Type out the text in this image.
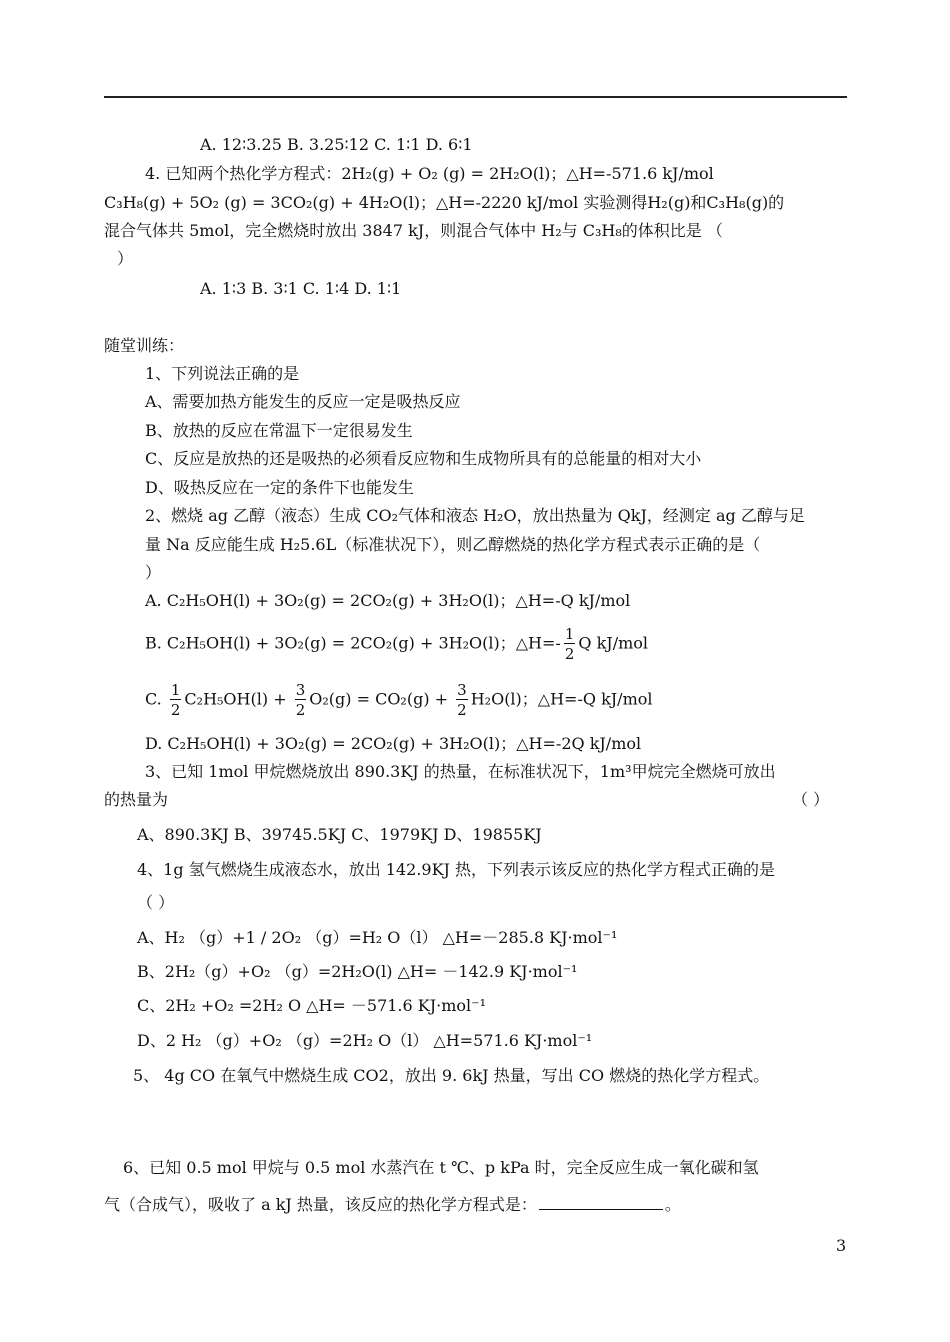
A. 12∶3.25 B. 3.25∶12 C. 1∶1 D. 6∶1
4. 已知两个热化学方程式：2H₂(g) + O₂ (g) = 2H₂O(l)；△H=-571.6 kJ/mol
C₃H₈(g) + 5O₂ (g) = 3CO₂(g) + 4H₂O(l)；△H=-2220 kJ/mol 实验测得H₂(g)和C₃H₈(g)的
混合气体共 5mol，完全燃烧时放出 3847 kJ，则混合气体中 H₂与 C₃H₈的体积比是 （
）
A. 1∶3 B. 3∶1 C. 1∶4 D. 1∶1
随堂训练：
1、下列说法正确的是
A、需要加热方能发生的反应一定是吸热反应
B、放热的反应在常温下一定很易发生
C、反应是放热的还是吸热的必须看反应物和生成物所具有的总能量的相对大小
D、吸热反应在一定的条件下也能发生
2、燃烧 ag 乙醇（液态）生成 CO₂气体和液态 H₂O，放出热量为 QkJ，经测定 ag 乙醇与足
量 Na 反应能生成 H₂5.6L（标准状况下），则乙醇燃烧的热化学方程式表示正确的是（
）
A. C₂H₅OH(l) + 3O₂(g) = 2CO₂(g) + 3H₂O(l)；△H=-Q kJ/mol
D. C₂H₅OH(l) + 3O₂(g) = 2CO₂(g) + 3H₂O(l)；△H=-2Q kJ/mol
3、已知 1mol 甲烷燃烧放出 890.3KJ 的热量，在标准状况下，1m³甲烷完全燃烧可放出
的热量为	（ ）
A、890.3KJ B、39745.5KJ C、1979KJ D、19855KJ
4、1g 氢气燃烧生成液态水，放出 142.9KJ 热，下列表示该反应的热化学方程式正确的是
（ ）
A、H₂ （g）+1 / 2O₂ （g）=H₂ O（l） △H=－285.8 KJ·mol⁻¹
B、2H₂（g）+O₂ （g）=2H₂O(l) △H= －142.9 KJ·mol⁻¹
C、2H₂ +O₂ =2H₂ O △H= －571.6 KJ·mol⁻¹
D、2 H₂ （g）+O₂ （g）=2H₂ O（l） △H=571.6 KJ·mol⁻¹
5、 4g CO 在氧气中燃烧生成 CO2，放出 9. 6kJ 热量，写出 CO 燃烧的热化学方程式。
6、已知 0.5 mol 甲烷与 0.5 mol 水蒸汽在 t ℃、p kPa 时，完全反应生成一氧化碳和氢
B. C₂H₅OH(l) + 3O₂(g) = 2CO₂(g) + 3H₂O(l)；△H=- $\frac{1}{2}$ Q kJ/mol
C. $\frac{1}{2} C_2H_5OH(l) + \frac{3}{2} O_2(g) = CO_2(g) + \frac{3}{2} H_2O(l)$；△H=-Q kJ/mol
气（合成气），吸收了 a kJ 热量，该反应的热化学方程式是：	。
3
